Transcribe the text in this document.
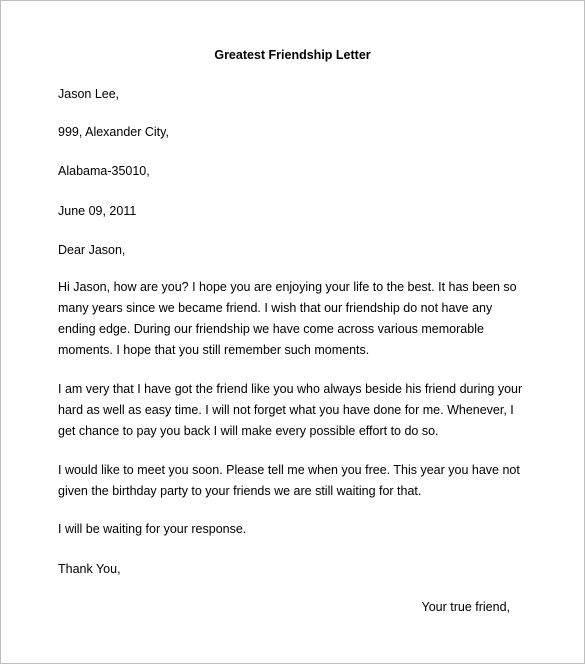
Greatest Friendship Letter

Jason Lee,

999, Alexander City,

Alabama-35010,

June 09, 2011

Dear Jason,

Hi Jason, how are you? I hope you are enjoying your life to the best. It has been so
many years since we became friend. I wish that our friendship do not have any
ending edge. During our friendship we have come across various memorable
moments. I hope that you still remember such moments.
I am very that I have got the friend like you who always beside his friend during your
hard as well as easy time. I will not forget what you have done for me. Whenever, I
get chance to pay you back I will make every possible effort to do so.
I would like to meet you soon. Please tell me when you free. This year you have not
given the birthday party to your friends we are still waiting for that.
I will be waiting for your response.

Thank You,

Your true friend,
